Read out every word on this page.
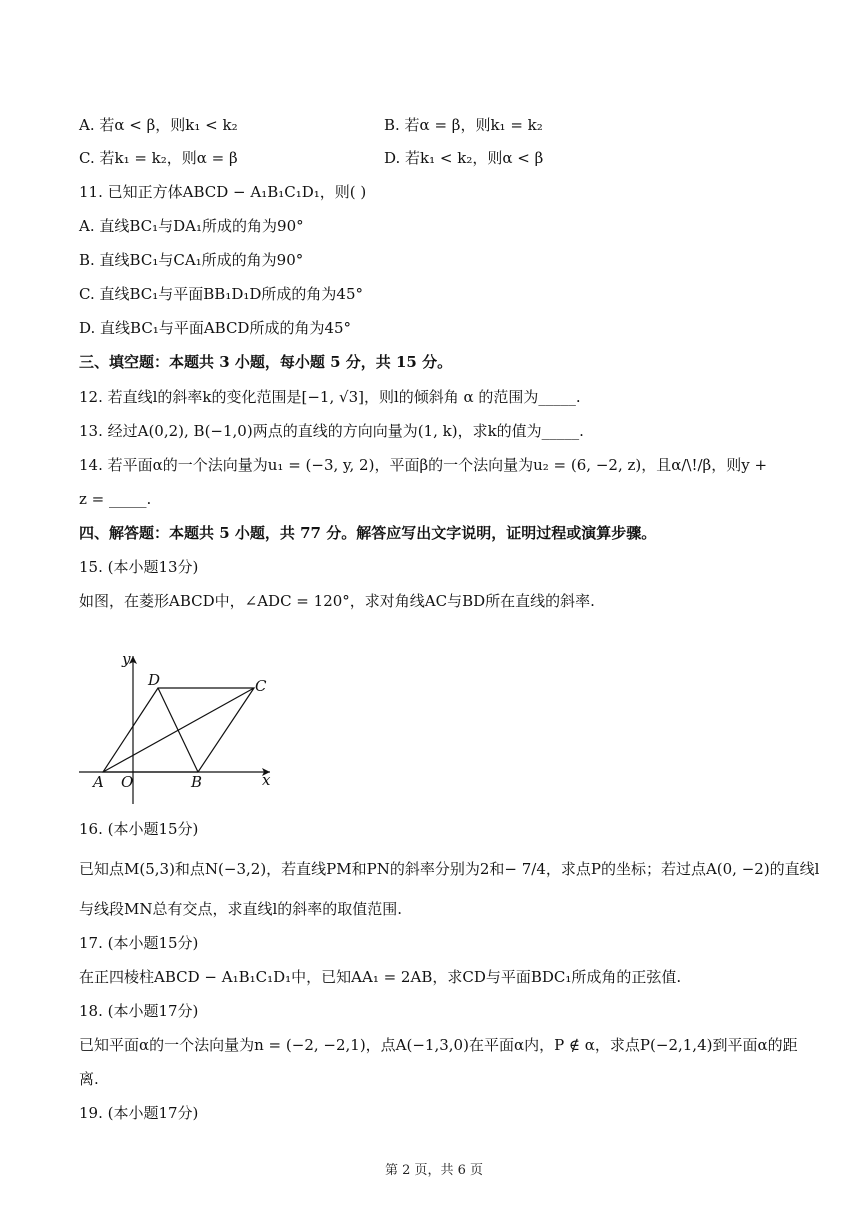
A. 若α < β，则k₁ < k₂	B. 若α = β，则k₁ = k₂
C. 若k₁ = k₂，则α = β	D. 若k₁ < k₂，则α < β
11. 已知正方体ABCD − A₁B₁C₁D₁，则( )
A. 直线BC₁与DA₁所成的角为90°
B. 直线BC₁与CA₁所成的角为90°
C. 直线BC₁与平面BB₁D₁D所成的角为45°
D. 直线BC₁与平面ABCD所成的角为45°
三、填空题：本题共 3 小题，每小题 5 分，共 15 分。
12. 若直线l的斜率k的变化范围是[−1, √3]，则l的倾斜角 α 的范围为_____.
13. 经过A(0,2), B(−1,0)两点的直线的方向向量为(1, k)，求k的值为_____.
14. 若平面α的一个法向量为u₁ = (−3, y, 2)，平面β的一个法向量为u₂ = (6, −2, z)，且α/\!/β，则y +
z = _____.
四、解答题：本题共 5 小题，共 77 分。解答应写出文字说明，证明过程或演算步骤。
15. (本小题13分)
如图，在菱形ABCD中，∠ADC = 120°，求对角线AC与BD所在直线的斜率.
y
x
D	C
A O	B
16. (本小题15分)
已知点M(5,3)和点N(−3,2)，若直线PM和PN的斜率分别为2和− 7/4，求点P的坐标；若过点A(0, −2)的直线l
与线段MN总有交点，求直线l的斜率的取值范围.
17. (本小题15分)
在正四棱柱ABCD − A₁B₁C₁D₁中，已知AA₁ = 2AB，求CD与平面BDC₁所成角的正弦值.
18. (本小题17分)
已知平面α的一个法向量为n = (−2, −2,1)，点A(−1,3,0)在平面α内，P ∉ α，求点P(−2,1,4)到平面α的距
离.
19. (本小题17分)
第 2 页，共 6 页
